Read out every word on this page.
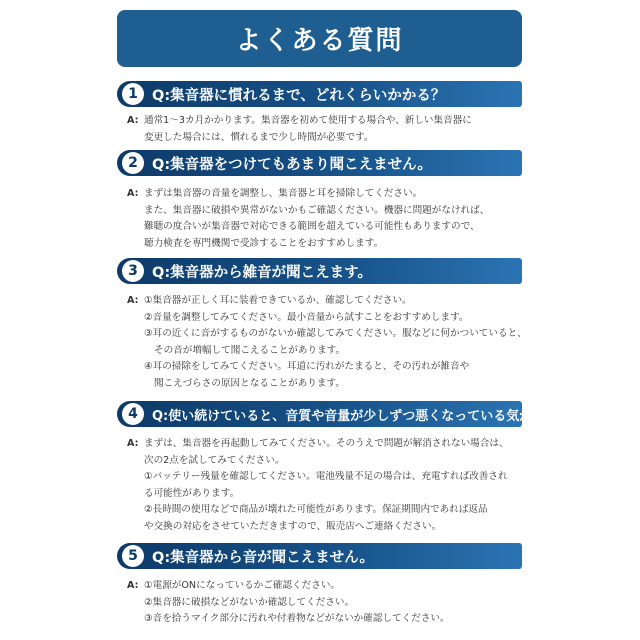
よくある質問
1 Q:集音器に慣れるまで、どれくらいかかる？
A: 通常1〜3カ月かかります。集音器を初めて使用する場合や、新しい集音器に
変更した場合には、慣れるまで少し時間が必要です。
2 Q:集音器をつけてもあまり聞こえません。
A: まずは集音器の音量を調整し、集音器と耳を掃除してください。
また、集音器に破損や異常がないかもご確認ください。機器に問題がなければ、
難聴の度合いが集音器で対応できる範囲を超えている可能性もありますので、
聴力検査を専門機関で受診することをおすすめします。
3 Q:集音器から雑音が聞こえます。
A: ①集音器が正しく耳に装着できているか、確認してください。
②音量を調整してみてください。最小音量から試すことをおすすめします。
③耳の近くに音がするものがないか確認してみてください。服などに何かついていると、
その音が増幅して聞こえることがあります。
④耳の掃除をしてみてください。耳道に汚れがたまると、その汚れが雑音や
聞こえづらさの原因となることがあります。
4	Q:使い続けていると、音質や音量が少しずつ悪くなっている気がします。
A: まずは、集音器を再起動してみてください。そのうえで問題が解消されない場合は、
次の2点を試してみてください。
①バッテリー残量を確認してください。電池残量不足の場合は、充電すれば改善され
る可能性があります。
②長時間の使用などで商品が壊れた可能性があります。保証期間内であれば返品
や交換の対応をさせていただきますので、販売店へご連絡ください。
5 Q:集音器から音が聞こえません。
A: ①電源がONになっているかご確認ください。
②集音器に破損などがないか確認してください。
③音を拾うマイク部分に汚れや付着物などがないか確認してください。
